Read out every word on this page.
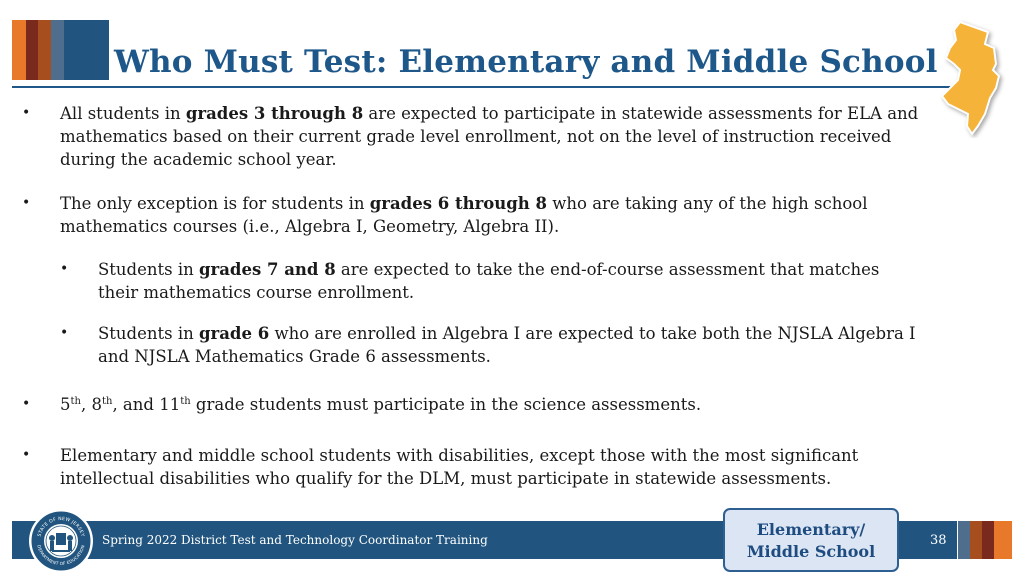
Who Must Test: Elementary and Middle School
•	All students in grades 3 through 8 are expected to participate in statewide assessments for ELA and mathematics based on their current grade level enrollment, not on the level of instruction received during the academic school year.
•	The only exception is for students in grades 6 through 8 who are taking any of the high school mathematics courses (i.e., Algebra I, Geometry, Algebra II).
•	Students in grades 7 and 8 are expected to take the end-of-course assessment that matches their mathematics course enrollment.
•	Students in grade 6 who are enrolled in Algebra I are expected to take both the NJSLA Algebra I and NJSLA Mathematics Grade 6 assessments.
•	5th, 8th, and 11th grade students must participate in the science assessments.
•	Elementary and middle school students with disabilities, except those with the most significant intellectual disabilities who qualify for the DLM, must participate in statewide assessments.
Spring 2022 District Test and Technology Coordinator Training	38
STATE OF NEW JERSEY
DEPARTMENT OF EDUCATION
Elementary/
Middle School
